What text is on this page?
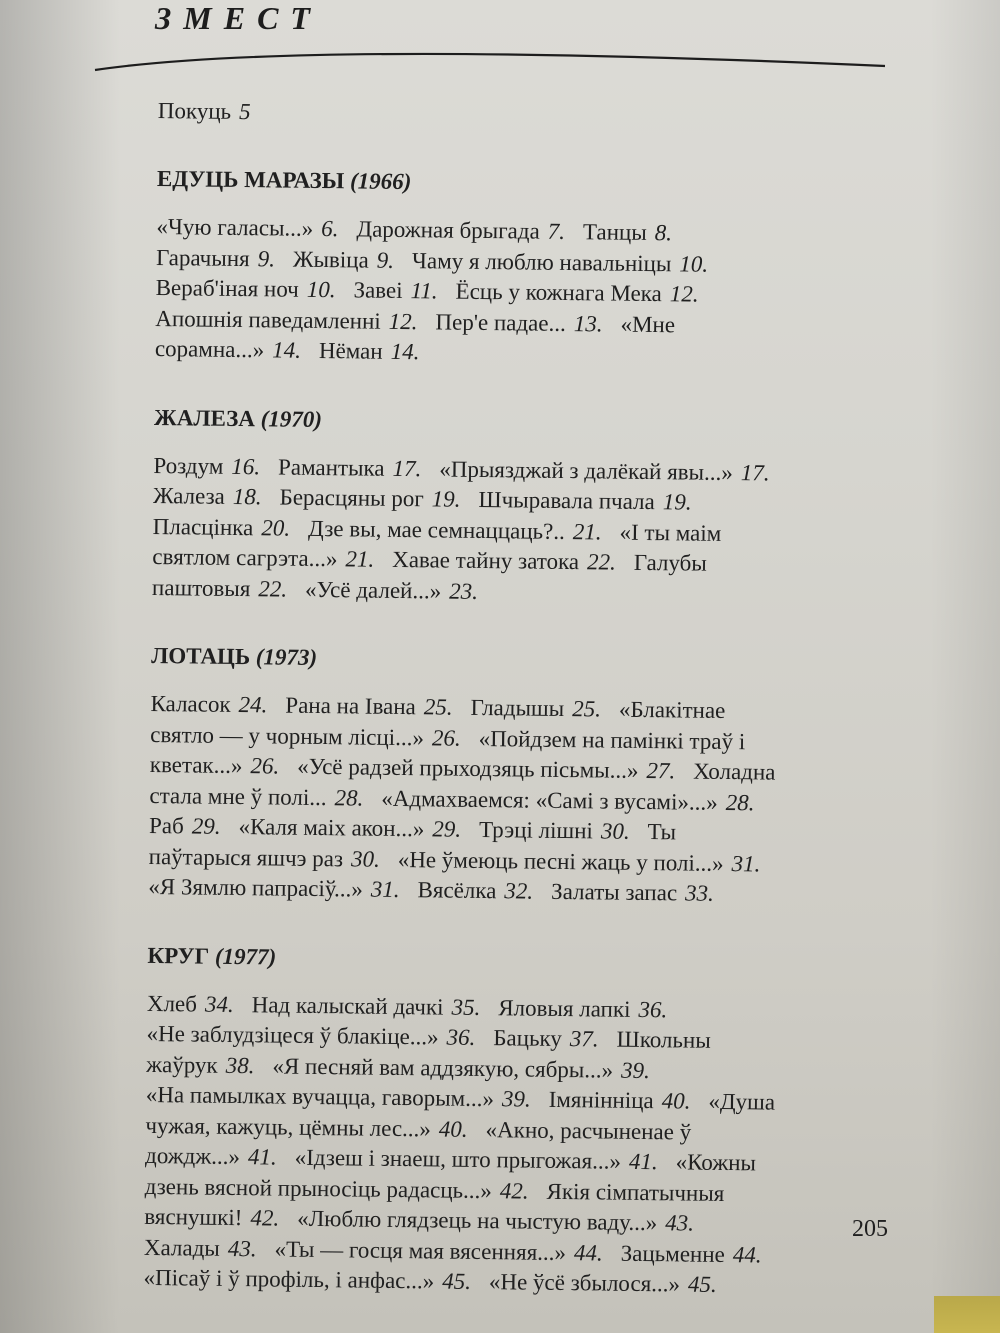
ЗМЕСТ
Покуць 5
ЕДУЦЬ МАРАЗЫ (1966)
«Чую галасы...» 6. Дарожная брыгада 7. Танцы 8.
Гарачыня 9. Жывіца 9. Чаму я люблю навальніцы 10.
Вераб'іная ноч 10. Завеі 11. Ёсць у кожнага Мека 12.
Апошнія паведамленні 12. Пер'е падае... 13. «Мне
сорамна...» 14. Нёман 14.
ЖАЛЕЗА (1970)
Роздум 16. Рамантыка 17. «Прыязджай з далёкай явы...» 17.
Жалеза 18. Берасцяны рог 19. Шчыравала пчала 19.
Пласцінка 20. Дзе вы, мае семнаццаць?.. 21. «І ты маім
святлом сагрэта...» 21. Хавае тайну затока 22. Галубы
паштовыя 22. «Усё далей...» 23.
ЛОТАЦЬ (1973)
Каласок 24. Рана на Івана 25. Гладышы 25. «Блакітнае
святло — у чорным лісці...» 26. «Пойдзем на памінкі траў і
кветак...» 26. «Усё радзей прыходзяць пісьмы...» 27. Холадна
стала мне ў полі... 28. «Адмахваемся: «Самі з вусамі»...» 28.
Раб 29. «Каля маіх акон...» 29. Трэці лішні 30. Ты
паўтарыся яшчэ раз 30. «Не ўмеюць песні жаць у полі...» 31.
«Я Зямлю папрасіў...» 31. Вясёлка 32. Залаты запас 33.
КРУГ (1977)
Хлеб 34. Над калыскай дачкі 35. Яловыя лапкі 36.
«Не заблудзіцеся ў блакіце...» 36. Бацьку 37. Школьны
жаўрук 38. «Я песняй вам аддзякую, сябры...» 39.
«На памылках вучацца, гаворым...» 39. Імянінніца 40. «Душа
чужая, кажуць, цёмны лес...» 40. «Акно, расчыненае ў
дождж...» 41. «Ідзеш і знаеш, што прыгожая...» 41. «Кожны
дзень вясной прыносіць радасць...» 42. Якія сімпатычныя
вяснушкі! 42. «Люблю глядзець на чыстую ваду...» 43.
Халады 43. «Ты — госця мая вясенняя...» 44. Зацьменне 44.
«Пісаў і ў профіль, і анфас...» 45. «Не ўсё збылося...» 45.
205
